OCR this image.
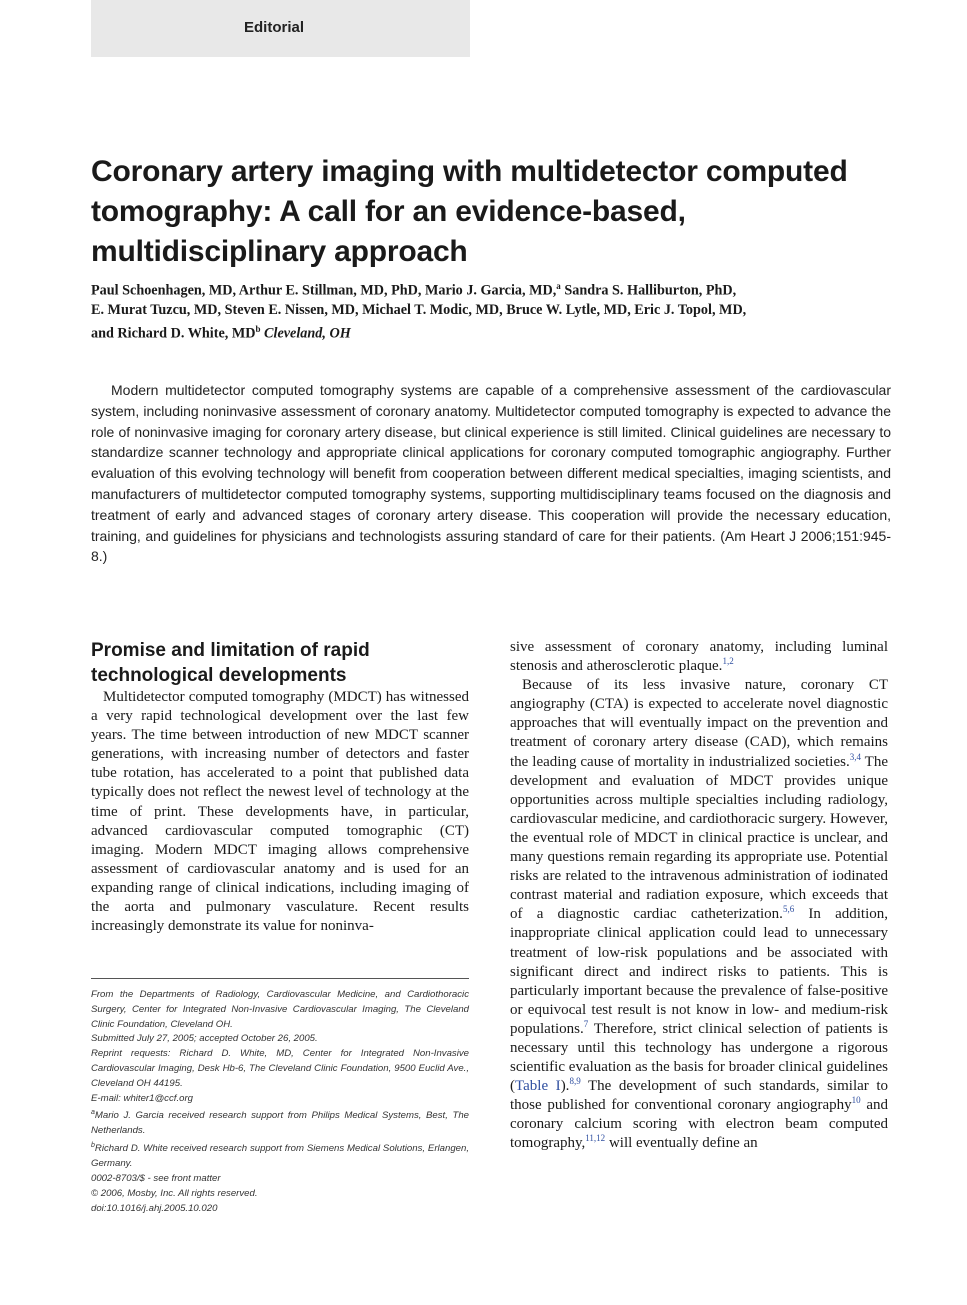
Editorial
Coronary artery imaging with multidetector computed tomography: A call for an evidence-based, multidisciplinary approach

Paul Schoenhagen, MD, Arthur E. Stillman, MD, PhD, Mario J. Garcia, MD,$^a$ Sandra S. Halliburton, PhD,
E. Murat Tuzcu, MD, Steven E. Nissen, MD, Michael T. Modic, MD, Bruce W. Lytle, MD, Eric J. Topol, MD,
and Richard D. White, $MD^b$ Cleveland, OH

Modern multidetector computed tomography systems are capable of a comprehensive assessment of the cardiovascular system, including noninvasive assessment of coronary anatomy. Multidetector computed tomography is expected to advance the role of noninvasive imaging for coronary artery disease, but clinical experience is still limited. Clinical guidelines are necessary to standardize scanner technology and appropriate clinical applications for coronary computed tomographic angiography. Further evaluation of this evolving technology will benefit from cooperation between different medical specialties, imaging scientists, and manufacturers of multidetector computed tomography systems, supporting multidisciplinary teams focused on the diagnosis and treatment of early and advanced stages of coronary artery disease. This cooperation will provide the necessary education, training, and guidelines for physicians and technologists assuring standard of care for their patients. (Am Heart J 2006;151:945- 8.)

Promise and limitation of rapid technological developments

Multidetector computed tomography (MDCT) has witnessed a very rapid technological development over the last few years. The time between introduction of new MDCT scanner generations, with increasing number of detectors and faster tube rotation, has accelerated to a point that published data typically does not reflect the newest level of technology at the time of print. These developments have, in particular, advanced cardiovascular computed tomographic (CT) imaging. Modern MDCT imaging allows comprehensive assessment of cardiovascular anatomy and is used for an expanding range of clinical indications, including imaging of the aorta and pulmonary vasculature. Recent results increasingly demonstrate its value for noninva-

sive assessment of coronary anatomy, including luminal stenosis and atherosclerotic plaque.$^{1,2}$

Because of its less invasive nature, coronary CT angiography (CTA) is expected to accelerate novel diagnostic approaches that will eventually impact on the prevention and treatment of coronary artery disease (CAD), which remains the leading cause of mortality in industrialized societies.$^{3,4}$ The development and evaluation of MDCT provides unique opportunities across multiple specialties including radiology, cardiovascular medicine, and cardiothoracic surgery. However, the eventual role of MDCT in clinical practice is unclear, and many questions remain regarding its appropriate use. Potential risks are related to the intravenous administration of iodinated contrast material and radiation exposure, which exceeds that of a diagnostic cardiac catheterization.$^{5,6}$ In addition, inappropriate clinical application could lead to unnecessary treatment of low-risk populations and be associated with significant direct and indirect risks to patients. This is particularly important because the prevalence of false-positive or equivocal test result is not know in low- and medium-risk populations.$^7$ Therefore, strict clinical selection of patients is necessary until this technology has undergone a rigorous scientific evaluation as the basis for broader clinical guidelines (Table I).$^{8,9}$ The development of such standards, similar to those published for conventional coronary angiography$^{10}$ and coronary calcium scoring with electron beam computed tomography,$^{11,12}$ will eventually define an

From the Departments of Radiology, Cardiovascular Medicine, and Cardiothoracic Surgery, Center for Integrated Non-Invasive Cardiovascular Imaging, The Cleveland Clinic Foundation, Cleveland OH.

Submitted July 27, 2005; accepted October 26, 2005.

Reprint requests: Richard D. White, MD, Center for Integrated Non-Invasive Cardiovascular Imaging, Desk Hb-6, The Cleveland Clinic Foundation, 9500 Euclid Ave., Cleveland OH 44195.

E-mail: whiter1@ccf.org

$^a$Mario J. Garcia received research support from Philips Medical Systems, Best, The Netherlands.

$^b$Richard D. White received research support from Siemens Medical Solutions, Erlangen, Germany.

0002-8703/$ - see front matter

© 2006, Mosby, Inc. All rights reserved.

doi:10.1016/j.ahj.2005.10.020
